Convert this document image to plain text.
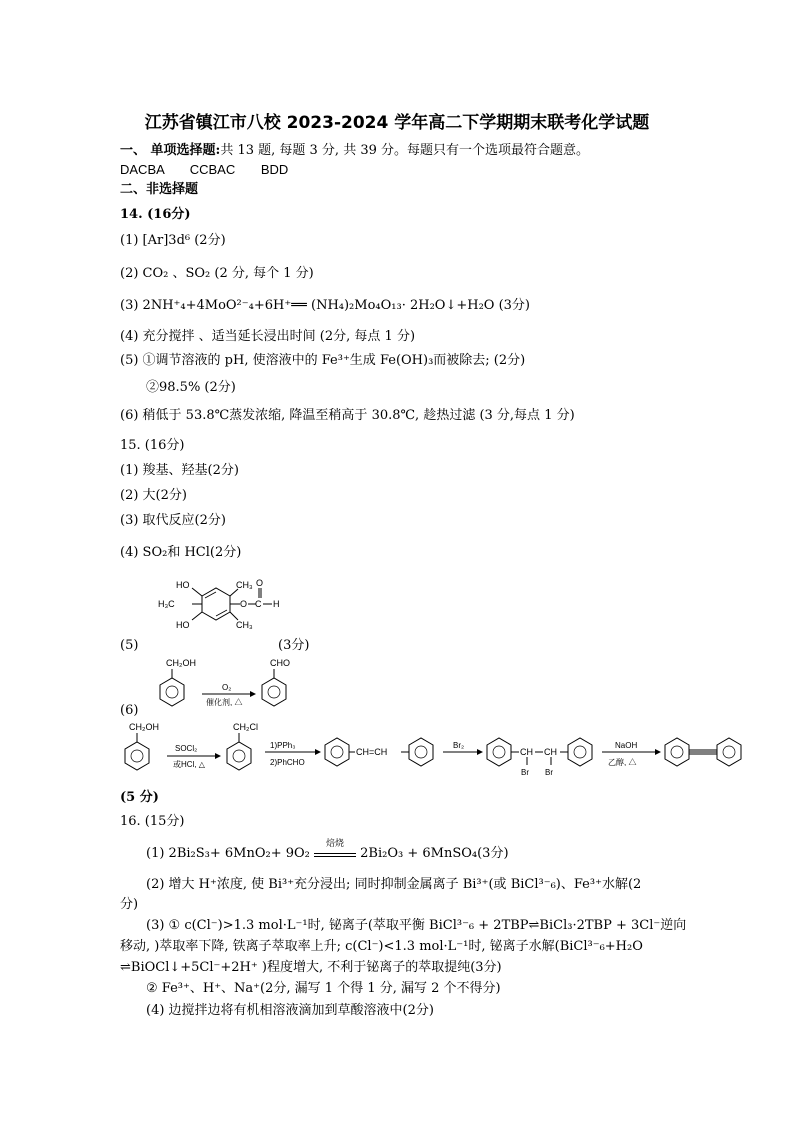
江苏省镇江市八校 2023-2024 学年高二下学期期末联考化学试题
一、 单项选择题:共 13 题, 每题 3 分, 共 39 分。每题只有一个选项最符合题意。
DACBA CCBAC BDD
二、非选择题
14. (16分)
(1) [Ar]3d⁶ (2分)
(2) CO₂ 、SO₂ (2 分, 每个 1 分)
(3) 2NH⁺₄+4MoO²⁻₄+6H⁺══ (NH₄)₂Mo₄O₁₃· 2H₂O↓+H₂O (3分)
(4) 充分搅拌 、适当延长浸出时间 (2分, 每点 1 分)
(5) ①调节溶液的 pH, 使溶液中的 Fe³⁺生成 Fe(OH)₃而被除去; (2分)
②98.5% (2分)
(6) 稍低于 53.8℃蒸发浓缩, 降温至稍高于 30.8℃, 趁热过滤 (3 分,每点 1 分)
15. (16分)
(1) 羧基、羟基(2分)
(2) 大(2分)
(3) 取代反应(2分)
(4) SO₂和 HCl(2分)
(5)	(3分)
HO	CH₃
H₃C	O C
O
H
HO	CH₃
(6)
CH₂OH
O₂
催化剂, △
CHO
CH₂OH
SOCl₂
或HCl, △
CH₂Cl
1)PPh₃
2)PhCHO
CH=CH
Br₂
CH CH
Br Br
NaOH
乙醇, △
(5 分)
16. (15分)
(1) 2Bi₂S₃+ 6MnO₂+ 9O₂
焙烧
2Bi₂O₃ + 6MnSO₄(3分)
(2) 增大 H⁺浓度, 使 Bi³⁺充分浸出; 同时抑制金属离子 Bi³⁺(或 BiCl³⁻₆)、Fe³⁺水解(2
分)
(3) ① c(Cl⁻)>1.3 mol·L⁻¹时, 铋离子(萃取平衡 BiCl³⁻₆ + 2TBP⇌BiCl₃·2TBP + 3Cl⁻逆向
移动, )萃取率下降, 铁离子萃取率上升; c(Cl⁻)<1.3 mol·L⁻¹时, 铋离子水解(BiCl³⁻₆+H₂O
⇌BiOCl↓+5Cl⁻+2H⁺ )程度增大, 不利于铋离子的萃取提纯(3分)
② Fe³⁺、H⁺、Na⁺(2分, 漏写 1 个得 1 分, 漏写 2 个不得分)
(4) 边搅拌边将有机相溶液滴加到草酸溶液中(2分)
